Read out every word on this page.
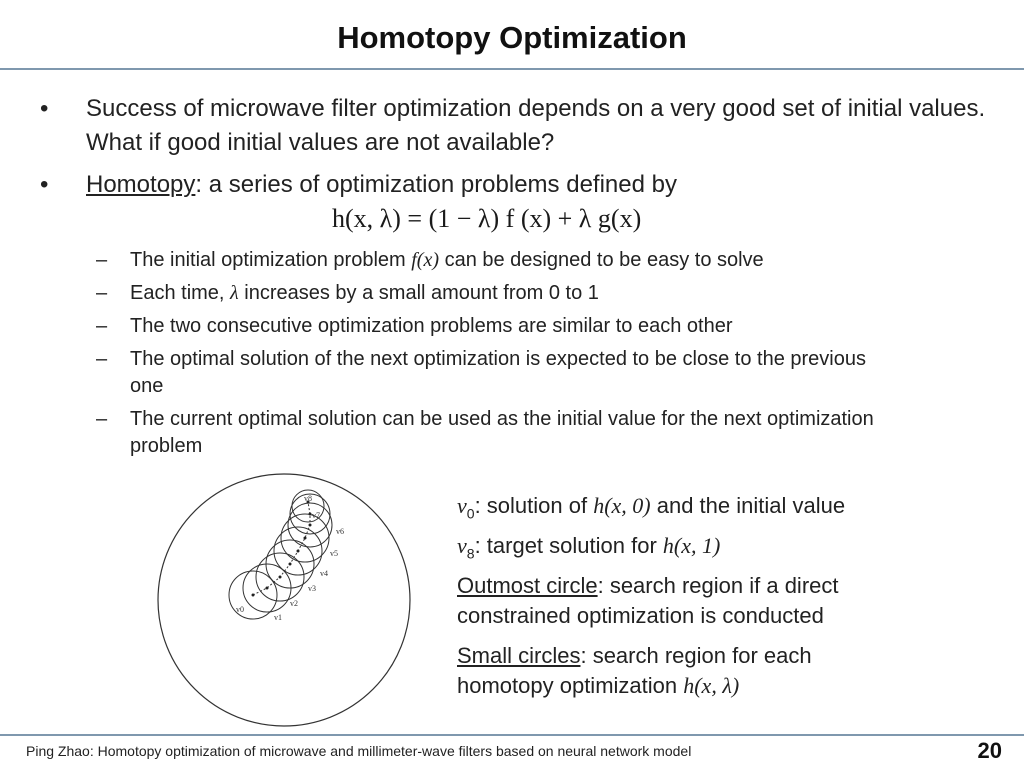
Homotopy Optimization
•	Success of microwave filter optimization depends on a very good set of initial values. What if good initial values are not available?
•	Homotopy: a series of optimization problems defined by
h(x, λ) = (1 − λ) f (x) + λ g(x)
– The initial optimization problem f(x) can be designed to be easy to solve
– Each time, λ increases by a small amount from 0 to 1
– The two consecutive optimization problems are similar to each other
– The optimal solution of the next optimization is expected to be close to the previous one
– The current optimal solution can be used as the initial value for the next optimization problem
v0
v1
v2
v3
v4
v5
v6
v7
v8	$v_0$: solution of h(x, 0) and the initial value
$v_8$: target solution for h(x, 1)
Outmost circle: search region if a direct constrained optimization is conducted
Small circles: search region for each homotopy optimization h(x, λ)
Ping Zhao: Homotopy optimization of microwave and millimeter-wave filters based on neural network model	20
